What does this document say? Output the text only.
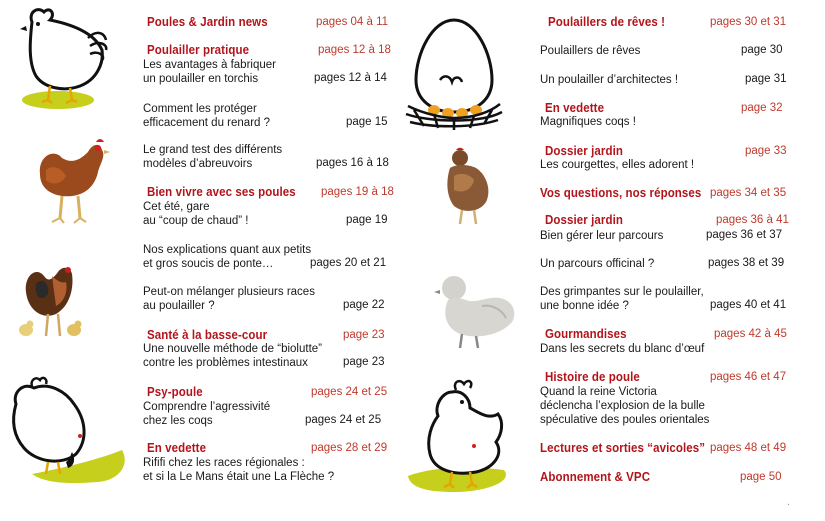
Poules & Jardin news	pages 04 à 11
Poulailler pratique	pages 12 à 18
Les avantages à fabriquer
un poulailler en torchis	pages 12 à 14
Comment les protéger
efficacement du renard ?	page 15
Le grand test des différents
modèles d’abreuvoirs	pages 16 à 18
Bien vivre avec ses poules pages 19 à 18
Cet été, gare
au “coup de chaud” !	page 19
Nos explications quant aux petits
et gros soucis de ponte…	pages 20 et 21
Peut-on mélanger plusieurs races
au poulailler ?	page 22
Santé à la basse-cour	page 23
Une nouvelle méthode de “biolutte”
contre les problèmes intestinaux	page 23
Psy-poule	pages 24 et 25
Comprendre l’agressivité
chez les coqs	pages 24 et 25
En vedette	pages 28 et 29
Rififi chez les races régionales :
et si la Le Mans était une La Flèche ?
Poulaillers de rêves !	pages 30 et 31
Poulaillers de rêves	page 30
Un poulailler d’architectes !	page 31
En vedette	page 32
Magnifiques coqs !
Dossier jardin	page 33
Les courgettes, elles adorent !
Vos questions, nos réponses pages 34 et 35
Dossier jardin	pages 36 à 41
Bien gérer leur parcours	pages 36 et 37
Un parcours officinal ?	pages 38 et 39
Des grimpantes sur le poulailler,
une bonne idée ?	pages 40 et 41
Gourmandises	pages 42 à 45
Dans les secrets du blanc d’œuf
Histoire de poule	pages 46 et 47
Quand la reine Victoria
déclencha l’explosion de la bulle
spéculative des poules orientales
Lectures et sorties “avicoles” pages 48 et 49
Abonnement & VPC	page 50
.
